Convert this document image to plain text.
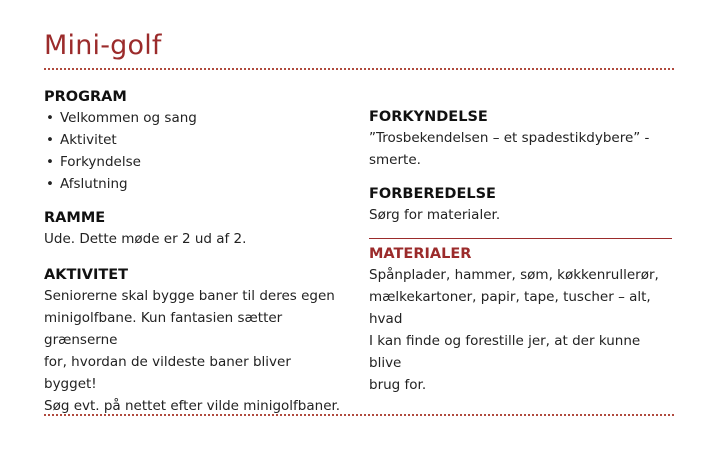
Mini-golf
PROGRAM
• Velkommen og sang
• Aktivitet
• Forkyndelse
• Afslutning
RAMME

Ude. Dette møde er 2 ud af 2.

AKTIVITET
Seniorerne skal bygge baner til deres egen
minigolfbane. Kun fantasien sætter grænserne
for, hvordan de vildeste baner bliver bygget!
Søg evt. på nettet efter vilde minigolfbaner.
FORKYNDELSE
”Trosbekendelsen – et spadestikdybere” -
smerte.
FORBEREDELSE

Sørg for materialer.

MATERIALER
Spånplader, hammer, søm, køkkenrullerør,
mælkekartoner, papir, tape, tuscher – alt, hvad
I kan finde og forestille jer, at der kunne blive
brug for.
